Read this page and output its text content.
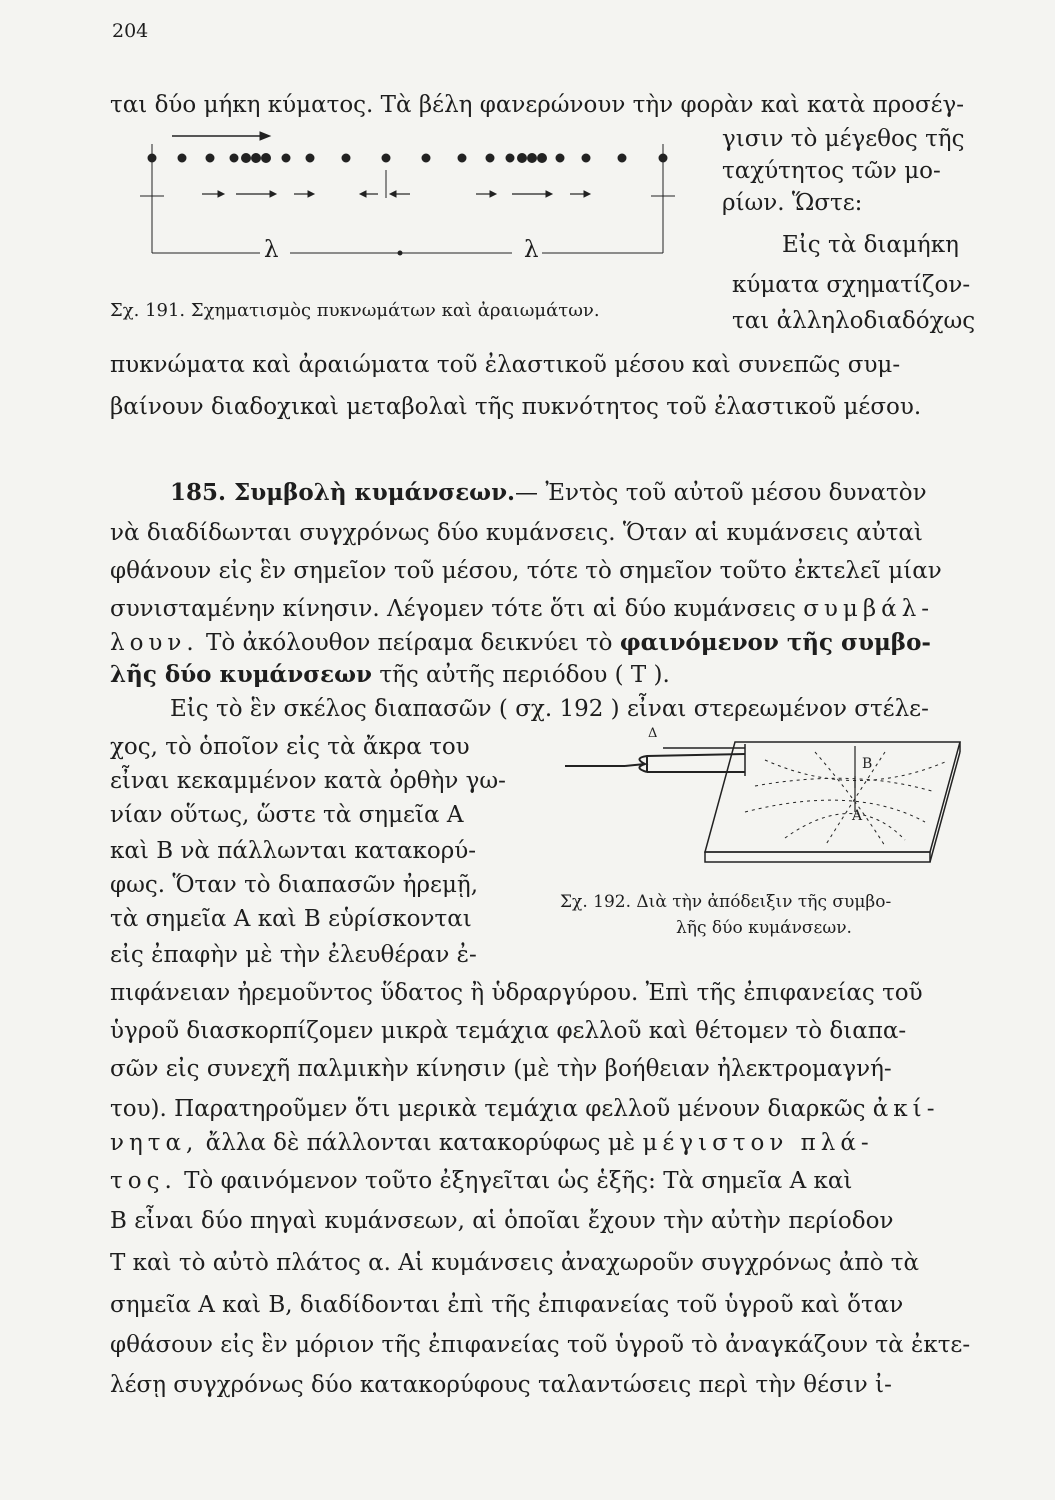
204
ται δύο μήκη κύματος. Τὰ βέλη φανερώνουν τὴν φορὰν καὶ κατὰ προσέγ-
γισιν τὸ μέγεθος τῆς
ταχύτητος τῶν μο-
ρίων. Ὥστε:
Εἰς τὰ διαμήκη
κύματα σχηματίζον-
ται ἀλληλοδιαδόχως
λ	λ
Σχ. 191. Σχηματισμὸς πυκνωμάτων καὶ ἀραιωμάτων.
πυκνώματα καὶ ἀραιώματα τοῦ ἐλαστικοῦ μέσου καὶ συνεπῶς συμ-
βαίνουν διαδοχικαὶ μεταβολαὶ τῆς πυκνότητος τοῦ ἐλαστικοῦ μέσου.
185. Συμβολὴ κυμάνσεων.— Ἐντὸς τοῦ αὐτοῦ μέσου δυνατὸν
νὰ διαδίδωνται συγχρόνως δύο κυμάνσεις. Ὅταν αἱ κυμάνσεις αὐταὶ
φθάνουν εἰς ἓν σημεῖον τοῦ μέσου, τότε τὸ σημεῖον τοῦτο ἐκτελεῖ μίαν
συνισταμένην κίνησιν. Λέγομεν τότε ὅτι αἱ δύο κυμάνσεις συμβάλ-
λουν. Τὸ ἀκόλουθον πείραμα δεικνύει τὸ φαινόμενον τῆς συμβο-
λῆς δύο κυμάνσεων τῆς αὐτῆς περιόδου ( Τ ).
Εἰς τὸ ἓν σκέλος διαπασῶν ( σχ. 192 ) εἶναι στερεωμένον στέλε-
χος, τὸ ὁποῖον εἰς τὰ ἄκρα του
εἶναι κεκαμμένον κατὰ ὀρθὴν γω-
νίαν οὕτως, ὥστε τὰ σημεῖα Α
καὶ Β νὰ πάλλωνται κατακορύ-
φως. Ὅταν τὸ διαπασῶν ἠρεμῇ,
τὰ σημεῖα Α καὶ Β εὑρίσκονται
εἰς ἐπαφὴν μὲ τὴν ἐλευθέραν ἐ-
Δ
Β
Α
Σχ. 192. Διὰ τὴν ἀπόδειξιν τῆς συμβο-
λῆς δύο κυμάνσεων.
πιφάνειαν ἠρεμοῦντος ὕδατος ἢ ὑδραργύρου. Ἐπὶ τῆς ἐπιφανείας τοῦ
ὑγροῦ διασκορπίζομεν μικρὰ τεμάχια φελλοῦ καὶ θέτομεν τὸ διαπα-
σῶν εἰς συνεχῆ παλμικὴν κίνησιν (μὲ τὴν βοήθειαν ἠλεκτρομαγνή-
του). Παρατηροῦμεν ὅτι μερικὰ τεμάχια φελλοῦ μένουν διαρκῶς ἀκί-
νητα, ἄλλα δὲ πάλλονται κατακορύφως μὲ μέγιστον πλά-
τος. Τὸ φαινόμενον τοῦτο ἐξηγεῖται ὡς ἑξῆς: Τὰ σημεῖα Α καὶ
Β εἶναι δύο πηγαὶ κυμάνσεων, αἱ ὁποῖαι ἔχουν τὴν αὐτὴν περίοδον
Τ καὶ τὸ αὐτὸ πλάτος α. Αἱ κυμάνσεις ἀναχωροῦν συγχρόνως ἀπὸ τὰ
σημεῖα Α καὶ Β, διαδίδονται ἐπὶ τῆς ἐπιφανείας τοῦ ὑγροῦ καὶ ὅταν
φθάσουν εἰς ἓν μόριον τῆς ἐπιφανείας τοῦ ὑγροῦ τὸ ἀναγκάζουν τὰ ἐκτε-
λέσῃ συγχρόνως δύο κατακορύφους ταλαντώσεις περὶ τὴν θέσιν ἰ-
